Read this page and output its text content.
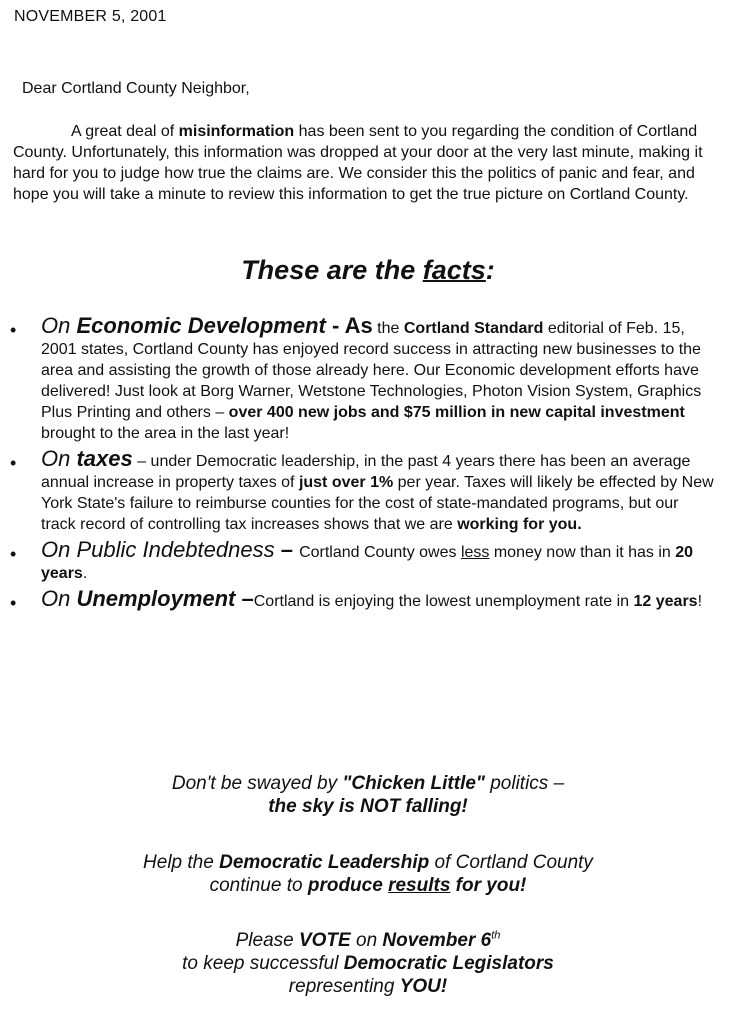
NOVEMBER 5, 2001
Dear Cortland County Neighbor,

A great deal of misinformation has been sent to you regarding the condition of Cortland County. Unfortunately, this information was dropped at your door at the very last minute, making it hard for you to judge how true the claims are. We consider this the politics of panic and fear, and hope you will take a minute to review this information to get the true picture on Cortland County.

These are the facts:
• On Economic Development - As the Cortland Standard editorial of Feb. 15, 2001 states, Cortland County has enjoyed record success in attracting new businesses to the area and assisting the growth of those already here. Our Economic development efforts have delivered! Just look at Borg Warner, Wetstone Technologies, Photon Vision System, Graphics Plus Printing and others – over 400 new jobs and $75 million in new capital investment brought to the area in the last year!
• On taxes – under Democratic leadership, in the past 4 years there has been an average annual increase in property taxes of just over 1% per year. Taxes will likely be effected by New York State's failure to reimburse counties for the cost of state-mandated programs, but our track record of controlling tax increases shows that we are working for you.
• On Public Indebtedness – Cortland County owes less money now than it has in 20 years.
• On Unemployment –Cortland is enjoying the lowest unemployment rate in 12 years!
Don't be swayed by "Chicken Little" politics –
the sky is NOT falling!
Help the Democratic Leadership of Cortland County
continue to produce results for you!
Please VOTE on November 6th
to keep successful Democratic Legislators
representing YOU!
